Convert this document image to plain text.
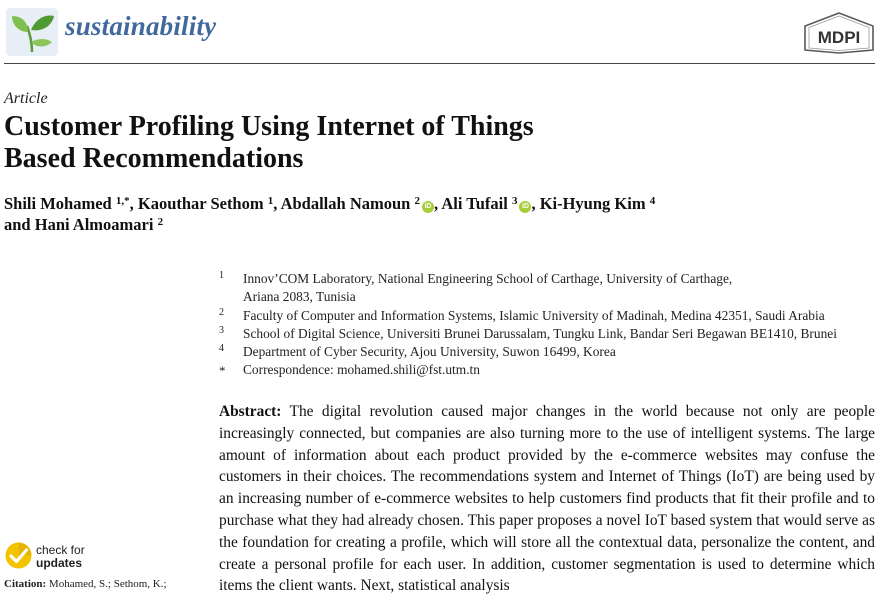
sustainability	MDPI
Article
Customer Profiling Using Internet of Things
Based Recommendations
Shili Mohamed $^{1,*}$, Kaouthar Sethom $^1$, Abdallah Namoun $^2$ iD , Ali Tufail $^3$ iD , Ki-Hyung Kim $^4$
and Hani Almoamari $^2$
1 Innov’COM Laboratory, National Engineering School of Carthage, University of Carthage,
Ariana 2083, Tunisia
2 Faculty of Computer and Information Systems, Islamic University of Madinah, Medina 42351, Saudi Arabia
3 School of Digital Science, Universiti Brunei Darussalam, Tungku Link, Bandar Seri Begawan BE1410, Brunei
4 Department of Cyber Security, Ajou University, Suwon 16499, Korea
* Correspondence: mohamed.shili@fst.utm.tn
Abstract: The digital revolution caused major changes in the world because not only are people increasingly connected, but companies are also turning more to the use of intelligent systems. The large amount of information about each product provided by the e-commerce websites may confuse the customers in their choices. The recommendations system and Internet of Things (IoT) are being used by an increasing number of e-commerce websites to help customers find products that fit their profile and to purchase what they had already chosen. This paper proposes a novel IoT based system that would serve as the foundation for creating a profile, which will store all the contextual data, personalize the content, and create a personal profile for each user. In addition, customer segmentation is used to determine which items the client wants. Next, statistical analysis
check for
updates
Citation: Mohamed, S.; Sethom, K.;
